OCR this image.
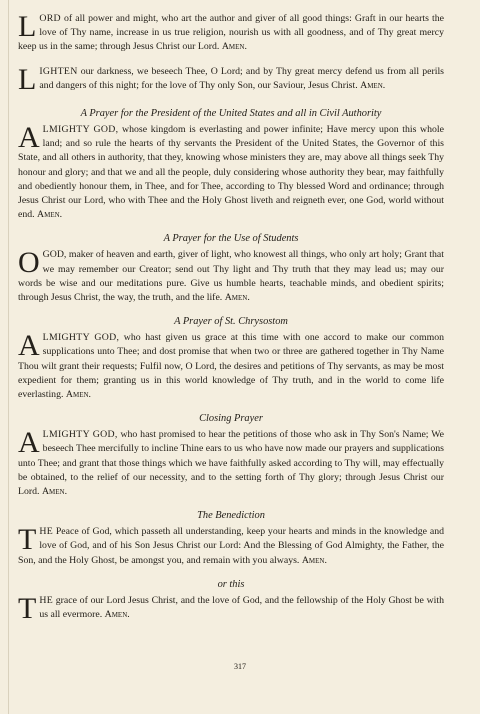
LORD of all power and might, who art the author and giver of all good things: Graft in our hearts the love of Thy name, increase in us true religion, nourish us with all goodness, and of Thy great mercy keep us in the same; through Jesus Christ our Lord. Amen.

LIGHTEN our darkness, we beseech Thee, O Lord; and by Thy great mercy defend us from all perils and dangers of this night; for the love of Thy only Son, our Saviour, Jesus Christ. Amen.

A Prayer for the President of the United States and all in Civil Authority

ALMIGHTY GOD, whose kingdom is everlasting and power infinite; Have mercy upon this whole land; and so rule the hearts of thy servants the President of the United States, the Governor of this State, and all others in authority, that they, knowing whose ministers they are, may above all things seek Thy honour and glory; and that we and all the people, duly considering whose authority they bear, may faithfully and obediently honour them, in Thee, and for Thee, according to Thy blessed Word and ordinance; through Jesus Christ our Lord, who with Thee and the Holy Ghost liveth and reigneth ever, one God, world without end. Amen.

A Prayer for the Use of Students

O GOD, maker of heaven and earth, giver of light, who knowest all things, who only art holy; Grant that we may remember our Creator; send out Thy light and Thy truth that they may lead us; may our words be wise and our meditations pure. Give us humble hearts, teachable minds, and obedient spirits; through Jesus Christ, the way, the truth, and the life. Amen.

A Prayer of St. Chrysostom

ALMIGHTY GOD, who hast given us grace at this time with one accord to make our common supplications unto Thee; and dost promise that when two or three are gathered together in Thy Name Thou wilt grant their requests; Fulfil now, O Lord, the desires and petitions of Thy servants, as may be most expedient for them; granting us in this world knowledge of Thy truth, and in the world to come life everlasting. Amen.

Closing Prayer

ALMIGHTY GOD, who hast promised to hear the petitions of those who ask in Thy Son's Name; We beseech Thee mercifully to incline Thine ears to us who have now made our prayers and supplications unto Thee; and grant that those things which we have faithfully asked according to Thy will, may effectually be obtained, to the relief of our necessity, and to the setting forth of Thy glory; through Jesus Christ our Lord. Amen.

The Benediction

THE Peace of God, which passeth all understanding, keep your hearts and minds in the knowledge and love of God, and of his Son Jesus Christ our Lord: And the Blessing of God Almighty, the Father, the Son, and the Holy Ghost, be amongst you, and remain with you always. Amen.

or this

THE grace of our Lord Jesus Christ, and the love of God, and the fellowship of the Holy Ghost be with us all evermore. Amen.

317
